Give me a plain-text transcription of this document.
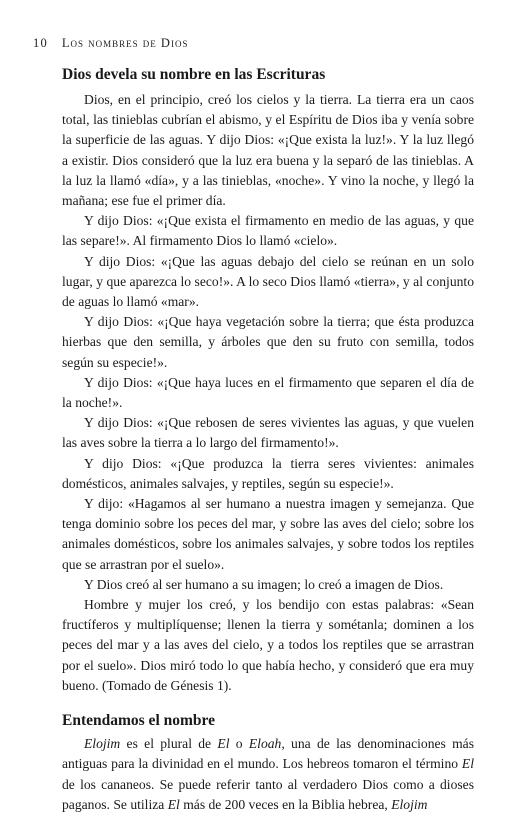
10 Los nombres de Dios
Dios devela su nombre en las Escrituras

Dios, en el principio, creó los cielos y la tierra. La tierra era un caos total, las tinieblas cubrían el abismo, y el Espíritu de Dios iba y venía sobre la superficie de las aguas. Y dijo Dios: «¡Que exista la luz!». Y la luz llegó a existir. Dios consideró que la luz era buena y la separó de las tinieblas. A la luz la llamó «día», y a las tinieblas, «noche». Y vino la noche, y llegó la mañana; ese fue el primer día.

Y dijo Dios: «¡Que exista el firmamento en medio de las aguas, y que las separe!». Al firmamento Dios lo llamó «cielo».

Y dijo Dios: «¡Que las aguas debajo del cielo se reúnan en un solo lugar, y que aparezca lo seco!». A lo seco Dios llamó «tierra», y al conjunto de aguas lo llamó «mar».

Y dijo Dios: «¡Que haya vegetación sobre la tierra; que ésta produzca hierbas que den semilla, y árboles que den su fruto con semilla, todos según su especie!».

Y dijo Dios: «¡Que haya luces en el firmamento que separen el día de la noche!».

Y dijo Dios: «¡Que rebosen de seres vivientes las aguas, y que vuelen las aves sobre la tierra a lo largo del firmamento!».

Y dijo Dios: «¡Que produzca la tierra seres vivientes: animales domésticos, animales salvajes, y reptiles, según su especie!».

Y dijo: «Hagamos al ser humano a nuestra imagen y semejanza. Que tenga dominio sobre los peces del mar, y sobre las aves del cielo; sobre los animales domésticos, sobre los animales salvajes, y sobre todos los reptiles que se arrastran por el suelo».

Y Dios creó al ser humano a su imagen; lo creó a imagen de Dios.

Hombre y mujer los creó, y los bendijo con estas palabras: «Sean fructíferos y multiplíquense; llenen la tierra y sométanla; dominen a los peces del mar y a las aves del cielo, y a todos los reptiles que se arrastran por el suelo». Dios miró todo lo que había hecho, y consideró que era muy bueno. (Tomado de Génesis 1).

Entendamos el nombre

Elojim es el plural de El o Eloah, una de las denominaciones más antiguas para la divinidad en el mundo. Los hebreos tomaron el término El de los cananeos. Se puede referir tanto al verdadero Dios como a dioses paganos. Se utiliza El más de 200 veces en la Biblia hebrea, Elojim
